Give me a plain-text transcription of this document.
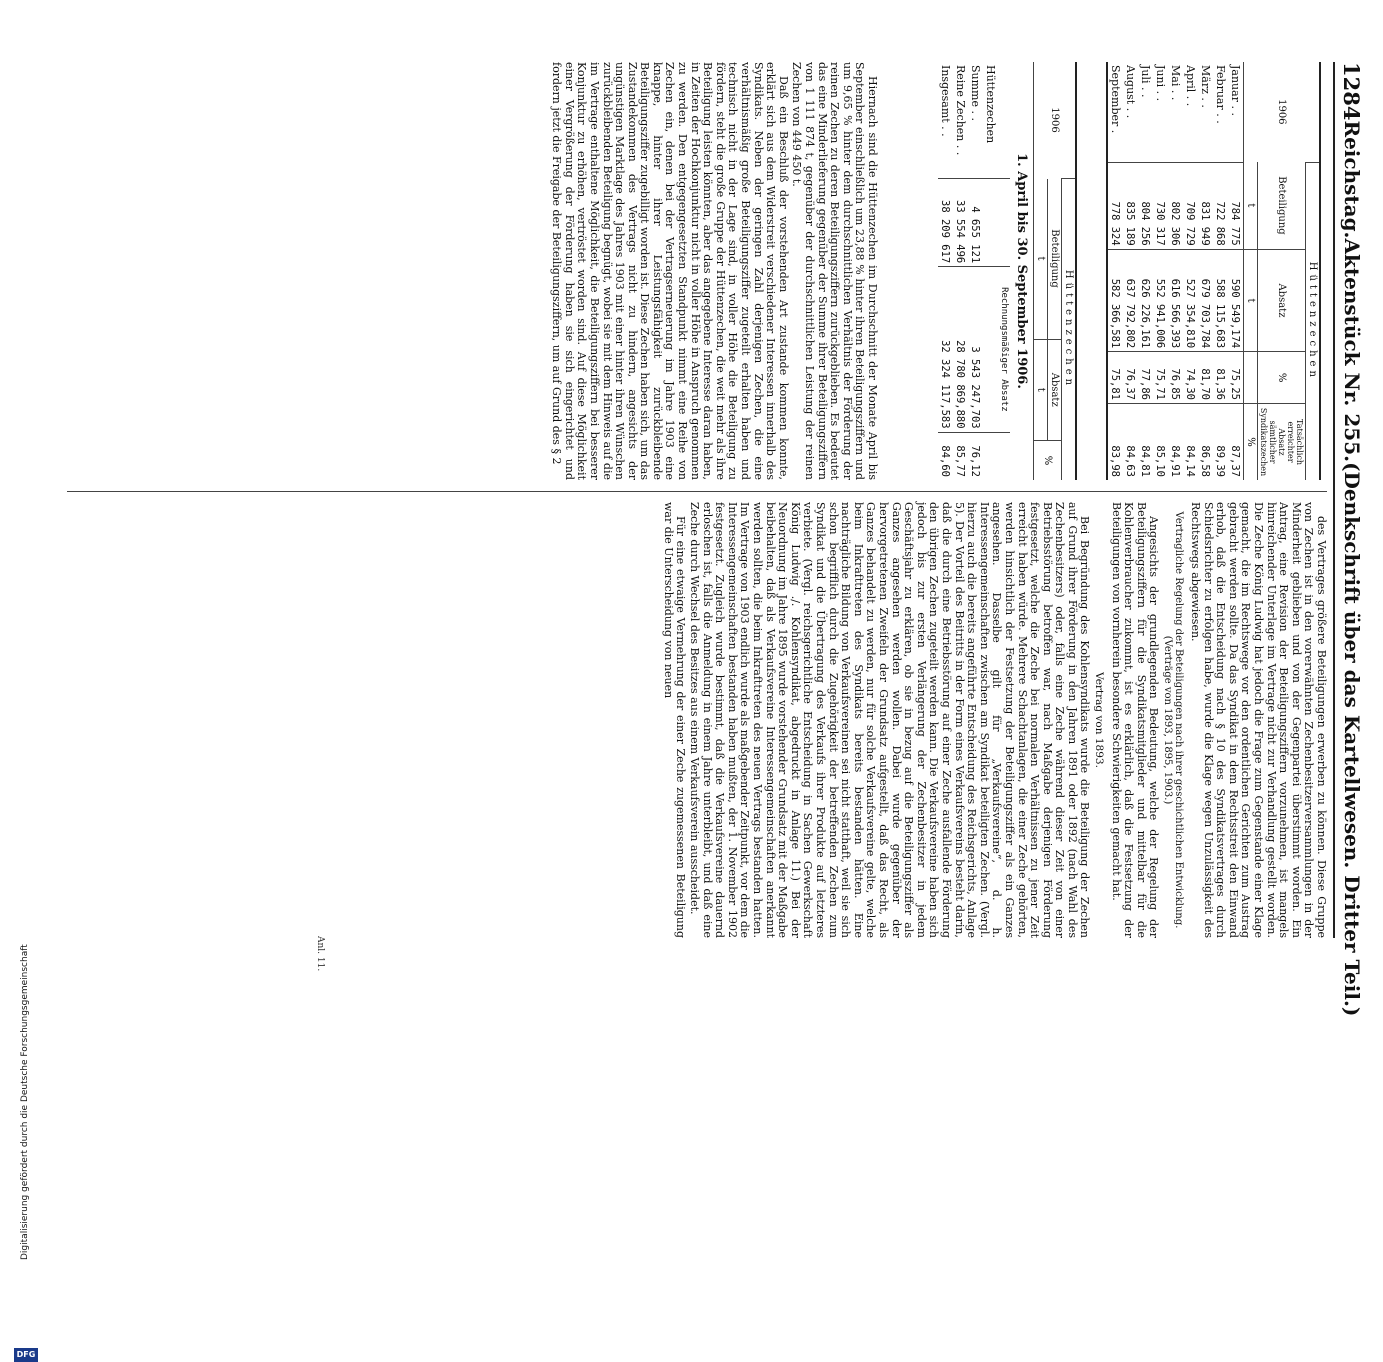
1284
Reichstag.
Aktenstück Nr. 255.
(Denkschrift über das Kartellwesen. Dritter Teil.)
1906	Hüttenzechen			
	Beteiligung	Absatz	%	Tatsächlich erreichter Absatz sämtlicher Syndikatszechen
	t	t		%
Januar . .	784 775	590 549,174	75,25	87,37
Februar . .	722 868	588 115,683	81,36	89,39
März . .	831 949	679 703,784	81,70	86,58
April . .	709 729	527 354,810	74,30	84,14
Mai . .	802 306	616 566,393	76,85	84,91
Juni . .	730 317	552 941,006	75,71	85,10
Juli . .	804 256	626 226,161	77,86	84,81
August . .	835 189	637 792,802	76,37	84,63
September .	778 324	582 366,581	75,81	83,98
1906	Hüttenzechen		
	Beteiligung	Absatz	%
	t	t	
1. April bis 30. September 1906.
		Rechnungsmäßiger Absatz	
Hüttenzechen			
Summe . .	4 655 121	3 543 247,703	76,12
Reine Zechen . .	33 554 496	28 780 869,880	85,77
Insgesamt . .	38 209 617	32 324 117,583	84,60

Hiernach sind die Hüttenzechen im Durchschnitt der Monate April bis September einschließlich um 23,88 % hinter ihren Beteiligungsziffern und um 9,65 % hinter dem durchschnittlichen Verhältnis der Förderung der reinen Zechen zu deren Beteiligungsziffern zurückgeblieben. Es bedeutet das eine Minderlieferung gegenüber der Summe ihrer Beteiligungsziffern von 1 111 874 t, gegenüber der durchschnittlichen Leistung der reinen Zechen von 449 450 t.

Daß ein Beschluß der vorstehenden Art zustande kommen konnte, erklärt sich aus dem Widerstreit verschiedener Interessen innerhalb des Syndikats. Neben der geringen Zahl derjenigen Zechen, die eine verhältnismäßig große Beteiligungsziffer zugeteilt erhalten haben und technisch nicht in der Lage sind, in voller Höhe die Beteiligung zu fördern, steht die große Gruppe der Hüttenzechen, die weit mehr als ihre Beteiligung leisten könnten, aber das angegebene Interesse daran haben, in Zeiten der Hochkonjunktur nicht in voller Höhe in Anspruch genommen zu werden. Den entgegengesetzten Standpunkt nimmt eine Reihe von Zechen ein, denen bei der Vertragserneuerung im Jahre 1903 eine knappe, hinter ihrer Leistungsfähigkeit zurückbleibende Beteiligungsziffer zugebilligt worden ist. Diese Zechen haben sich, um das Zustandekommen des Vertrags nicht zu hindern, angesichts der ungünstigen Marktlage des Jahres 1903 mit einer hinter ihren Wünschen zurückbleibenden Beteiligung begnügt, wobei sie mit dem Hinweis auf die im Vertrage enthaltene Möglichkeit, die Beteiligungsziffern bei besserer Konjunktur zu erhöhen, vertröstet worden sind. Auf diese Möglichkeit einer Vergrößerung der Förderung haben sie sich eingerichtet und fordern jetzt die Freigabe der Beteiligungsziffern, um auf Grund des § 2

des Vertrages größere Beteiligungen erwerben zu können. Diese Gruppe von Zechen ist in den vorerwähnten Zechenbesitzerversammlungen in der Minderheit geblieben und von der Gegenpartei überstimmt worden. Ein Antrag, eine Revision der Beteiligungsziffern vorzunehmen, ist mangels hinreichender Unterlage im Vertrage nicht zur Verhandlung gestellt worden. Die Zeche König Ludwig hat jedoch die Frage zum Gegenstande einer Klage gemacht, die im Rechtswege vor den ordentlichen Gerichten zum Austrag gebracht werden sollte. Da das Syndikat in dem Rechtsstreit den Einwand erhob, daß die Entscheidung nach § 10 des Syndikatsvertrages durch Schiedsrichter zu erfolgen habe, wurde die Klage wegen Unzulässigkeit des Rechtswegs abgewiesen.

Vertragliche Regelung der Beteiligungen nach ihrer geschichtlichen Entwicklung. (Verträge von 1893, 1895, 1903.)

Angesichts der grundlegenden Bedeutung, welche der Regelung der Beteiligungsziffern für die Syndikatsmitglieder und mittelbar für die Kohlenverbraucher zukommt, ist es erklärlich, daß die Festsetzung der Beteiligungen von vornherein besondere Schwierigkeiten gemacht hat.

Vertrag von 1893.

Bei Begründung des Kohlensyndikats wurde die Beteiligung der Zechen auf Grund ihrer Förderung in den Jahren 1891 oder 1892 (nach Wahl des Zechenbesitzers) oder, falls eine Zeche während dieser Zeit von einer Betriebsstörung betroffen war, nach Maßgabe derjenigen Förderung festgesetzt, welche die Zeche bei normalen Verhältnissen zu jener Zeit erreicht haben würde. Mehrere Schachtanlagen, die einer Zeche gehörten, werden hinsichtlich der Festsetzung der Beteiligungsziffer als ein Ganzes angesehen. Dasselbe gilt für „Verkaufsvereine“, d. h. Interessengemeinschaften zwischen am Syndikat beteiligten Zechen. (Vergl. hierzu auch die bereits angeführte Entscheidung des Reichsgerichts, Anlage 5). Der Vorteil des Beitritts in der Form eines Verkaufsvereins besteht darin, daß die durch eine Betriebsstörung auf einer Zeche ausfallende Förderung den übrigen Zechen zugeteilt werden kann. Die Verkaufsvereine haben sich jedoch bis zur ersten Verlängerung der Zechenbesitzer in jedem Geschäftsjahr zu erklären, ob sie in bezug auf die Beteiligungsziffer als Ganzes angesehen werden wollen. Dabei wurde gegenüber der hervorgetretenen Zweifeln der Grundsatz aufgestellt, daß das Recht, als Ganzes behandelt zu werden, nur für solche Verkaufsvereine gelte, welche beim Inkrafttreten des Syndikats bereits bestanden hätten. Eine nachträgliche Bildung von Verkaufsvereinen sei nicht statthaft, weil sie sich schon begrifflich durch die Zugehörigkeit der betreffenden Zechen zum Syndikat und die Übertragung des Verkaufs ihrer Produkte auf letzteres verbiete. (Vergl. reichsgerichtliche Entscheidung in Sachen Gewerkschaft König Ludwig ./. Kohlensyndikat, abgedruckt in Anlage 11.) Bei der Neuordnung im Jahre 1895 wurde vorstehender Grundsatz mit der Maßgabe beibehalten, daß als Verkaufsvereine Interessengemeinschaften anerkannt werden sollten, die beim Inkrafttreten des neuen Vertrags bestanden hatten. Im Vertrage von 1903 endlich wurde als maßgebender Zeitpunkt, vor dem die Interessengemeinschaften bestanden haben mußten, der 1. November 1902 festgesetzt. Zugleich wurde bestimmt, daß die Verkaufsvereine dauernd erloschen ist, falls die Anmeldung in einem Jahre unterbleibt, und daß eine Zeche durch Wechsel des Besitzes aus einem Verkaufsverein ausscheidet.

Für eine etwaige Vermehrung der einer Zeche zugemessenen Beteiligung war die Unterscheidung von neuen

Anl. 11.
Digitalisierung gefördert durch die Deutsche Forschungsgemeinschaft
DFG
